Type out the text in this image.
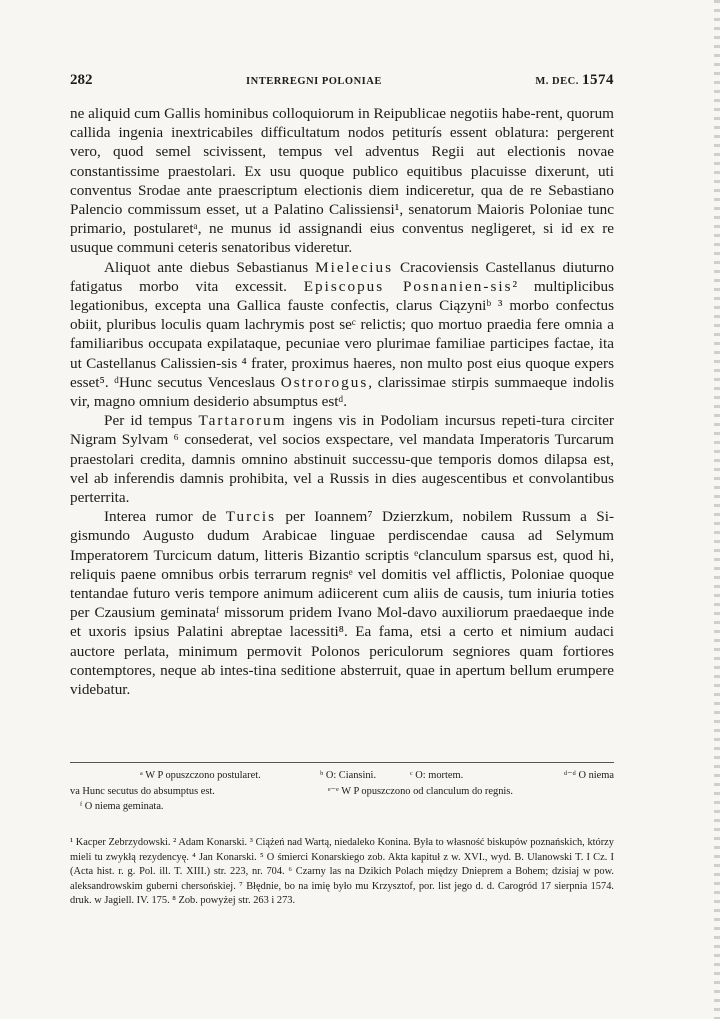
282	INTERREGNI POLONIAE	M. DEC. 1574

ne aliquid cum Gallis hominibus colloquiorum in Reipublicae negotiis habe-rent, quorum callida ingenia inextricabiles difficultatum nodos petiturís essent oblatura: pergerent vero, quod semel scivissent, tempus vel adventus Regii aut electionis novae constantissime praestolari. Ex usu quoque publico equitibus placuisse dixerunt, uti conventus Srodae ante praescriptum electionis diem indiceretur, qua de re Sebastiano Palencio commissum esset, ut a Palatino Calissiensi¹, senatorum Maioris Poloniae tunc primario, postularetᵃ, ne munus id assignandi eius conventus negligeret, si id ex re usuque communi ceteris senatoribus videretur.

Aliquot ante diebus Sebastianus Mielecius Cracoviensis Castellanus diuturno fatigatus morbo vita excessit. Episcopus Posnanien-sis² multiplicibus legationibus, excepta una Gallica fauste confectis, clarus Ciązyniᵇ ³ morbo confectus obiit, pluribus loculis quam lachrymis post seᶜ relictis; quo mortuo praedia fere omnia a familiaribus occupata expilataque, pecuniae vero plurimae familiae participes factae, ita ut Castellanus Calissien-sis ⁴ frater, proximus haeres, non multo post eius quoque expers esset⁵. ᵈHunc secutus Venceslaus Ostrorogus, clarissimae stirpis summaeque indolis vir, magno omnium desiderio absumptus estᵈ.

Per id tempus Tartarorum ingens vis in Podoliam incursus repeti-tura circiter Nigram Sylvam ⁶ consederat, vel socios exspectare, vel mandata Imperatoris Turcarum praestolari credita, damnis omnino abstinuit successu-que temporis domos dilapsa est, vel ab inferendis damnis prohibita, vel a Russis in dies augescentibus et convolantibus perterrita.

Interea rumor de Turcis per Ioannem⁷ Dzierzkum, nobilem Russum a Si-gismundo Augusto dudum Arabicae linguae perdiscendae causa ad Selymum Imperatorem Turcicum datum, litteris Bizantio scriptis ᵉclanculum sparsus est, quod hi, reliquis paene omnibus orbis terrarum regnisᵉ vel domitis vel afflictis, Poloniae quoque tentandae futuro veris tempore animum adiicerent cum aliis de causis, tum iniuria toties per Czausium geminataᶠ missorum pridem Ivano Mol-davo auxiliorum praedaeque inde et uxoris ipsius Palatini abreptae lacessiti⁸. Ea fama, etsi a certo et nimium audaci auctore perlata, minimum permovit Polonos periculorum segniores quam fortiores contemptores, neque ab intes-tina seditione absterruit, quae in apertum bellum erumpere videbatur.

ᵃ W P opuszczono postularet.	ᵇ O: Ciansini.	ᶜ O: mortem.	ᵈ⁻ᵈ O niema
va Hunc secutus do absumptus est.	ᵉ⁻ᵉ W P opuszczono od clanculum do regnis.
ᶠ O niema geminata.
¹ Kacper Zebrzydowski. ² Adam Konarski. ³ Ciążeń nad Wartą, niedaleko Konina. Była to własność biskupów poznańskich, którzy mieli tu zwykłą rezydencyę. ⁴ Jan Konarski. ⁵ O śmierci Konarskiego zob. Akta kapituł z w. XVI., wyd. B. Ulanowski T. I Cz. I (Acta hist. r. g. Pol. ill. T. XIII.) str. 223, nr. 704. ⁶ Czarny las na Dzikich Polach między Dnieprem a Bohem; dzisiaj w pow. aleksandrowskim guberni chersońskiej. ⁷ Błędnie, bo na imię było mu Krzysztof, por. list jego d. d. Carogród 17 sierpnia 1574. druk. w Jagiell. IV. 175. ⁸ Zob. powyżej str. 263 i 273.
